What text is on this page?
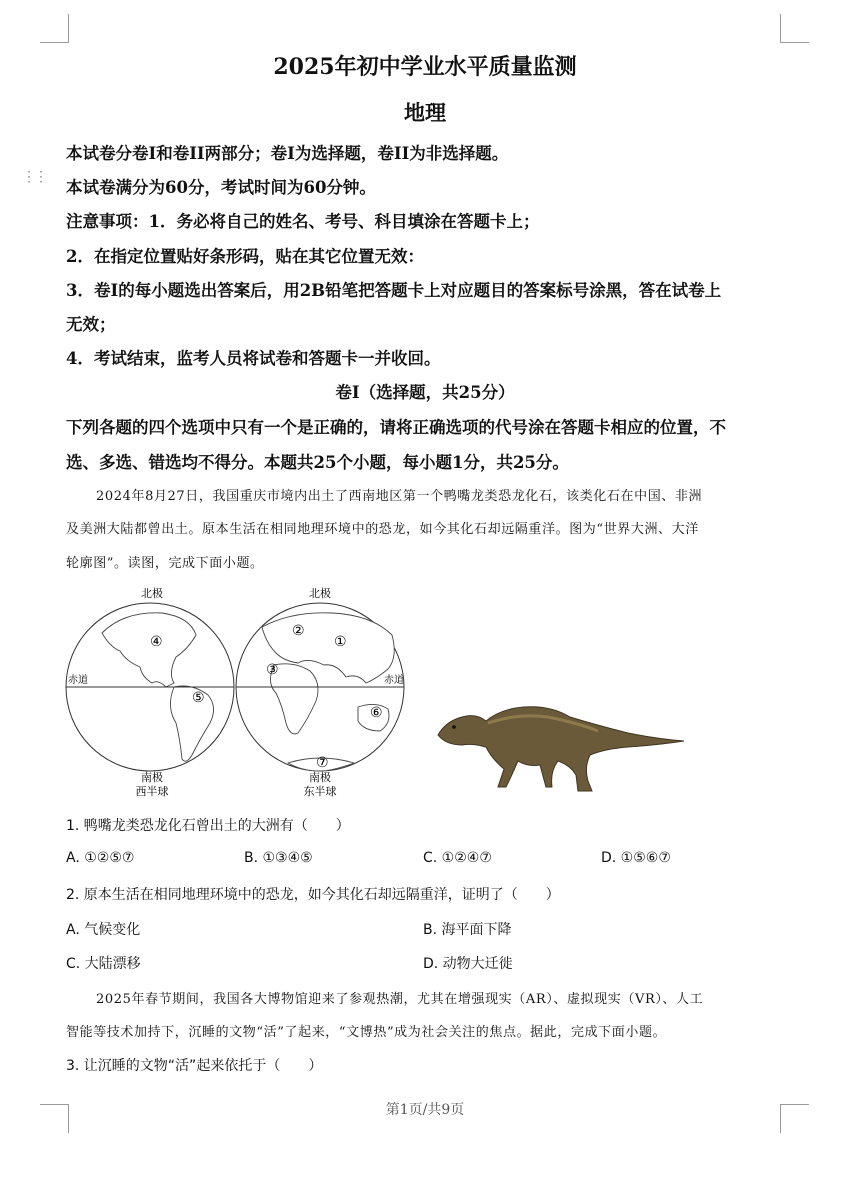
⋮⋮
2025年初中学业水平质量监测
地理
本试卷分卷I和卷II两部分；卷I为选择题，卷II为非选择题。
本试卷满分为60分，考试时间为60分钟。
注意事项：1．务必将自己的姓名、考号、科目填涂在答题卡上；
2．在指定位置贴好条形码，贴在其它位置无效：
3．卷I的每小题选出答案后，用2B铅笔把答题卡上对应题目的答案标号涂黑，答在试卷上
无效；
4．考试结束，监考人员将试卷和答题卡一并收回。
卷I（选择题，共25分）
下列各题的四个选项中只有一个是正确的，请将正确选项的代号涂在答题卡相应的位置，不
选、多选、错选均不得分。本题共25个小题，每小题1分，共25分。
2024年8月27日，我国重庆市境内出土了西南地区第一个鸭嘴龙类恐龙化石，该类化石在中国、非洲
及美洲大陆都曾出土。原本生活在相同地理环境中的恐龙，如今其化石却远隔重洋。图为“世界大洲、大洋
轮廓图”。读图，完成下面小题。
北极	北极
赤道	赤道
南极
西半球
南极
东半球
①
②
③
④
⑤
⑥
⑦
1. 鸭嘴龙类恐龙化石曾出土的大洲有（　　）
A. ①②⑤⑦	B. ①③④⑤	C. ①②④⑦	D. ①⑤⑥⑦
2. 原本生活在相同地理环境中的恐龙，如今其化石却远隔重洋，证明了（　　）
A. 气候变化	B. 海平面下降
C. 大陆漂移	D. 动物大迁徙
2025年春节期间，我国各大博物馆迎来了参观热潮，尤其在增强现实（AR）、虚拟现实（VR）、人工
智能等技术加持下，沉睡的文物“活”了起来，“文博热”成为社会关注的焦点。据此，完成下面小题。
3. 让沉睡的文物“活”起来依托于（　　）
第1页/共9页
